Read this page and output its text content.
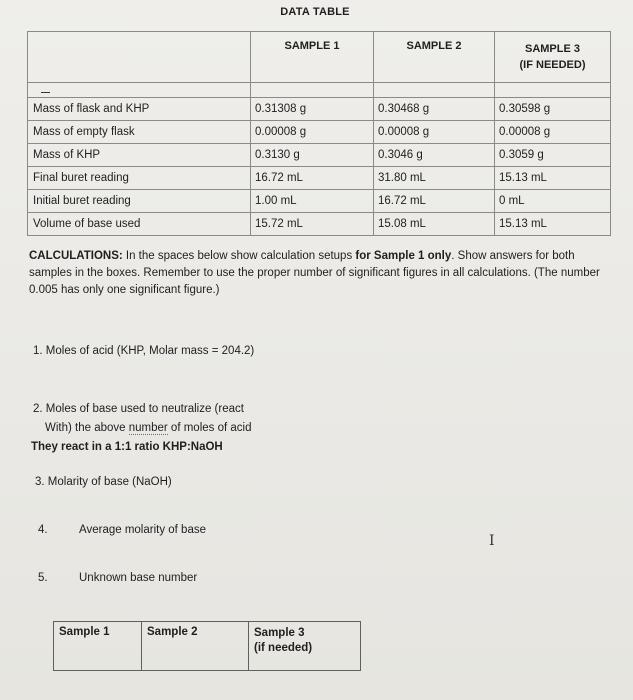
DATA TABLE
	SAMPLE 1	SAMPLE 2	SAMPLE 3
(IF NEEDED)

Mass of flask and KHP	0.31308 g	0.30468 g	0.30598 g
Mass of empty flask	0.00008 g	0.00008 g	0.00008 g
Mass of KHP	0.3130 g	0.3046 g	0.3059 g
Final buret reading	16.72 mL	31.80 mL	15.13 mL
Initial buret reading	1.00 mL	16.72 mL	0 mL
Volume of base used	15.72 mL	15.08 mL	15.13 mL
CALCULATIONS: In the spaces below show calculation setups for Sample 1 only. Show answers for both samples in the boxes. Remember to use the proper number of significant figures in all calculations. (The number 0.005 has only one significant figure.)
1. Moles of acid (KHP, Molar mass = 204.2)
2. Moles of base used to neutralize (react
With) the above number of moles of acid
They react in a 1:1 ratio KHP:NaOH
3. Molarity of base (NaOH)
4.	Average molarity of base
5.	Unknown base number
I
Sample 1	Sample 2	Sample 3
(if needed)
